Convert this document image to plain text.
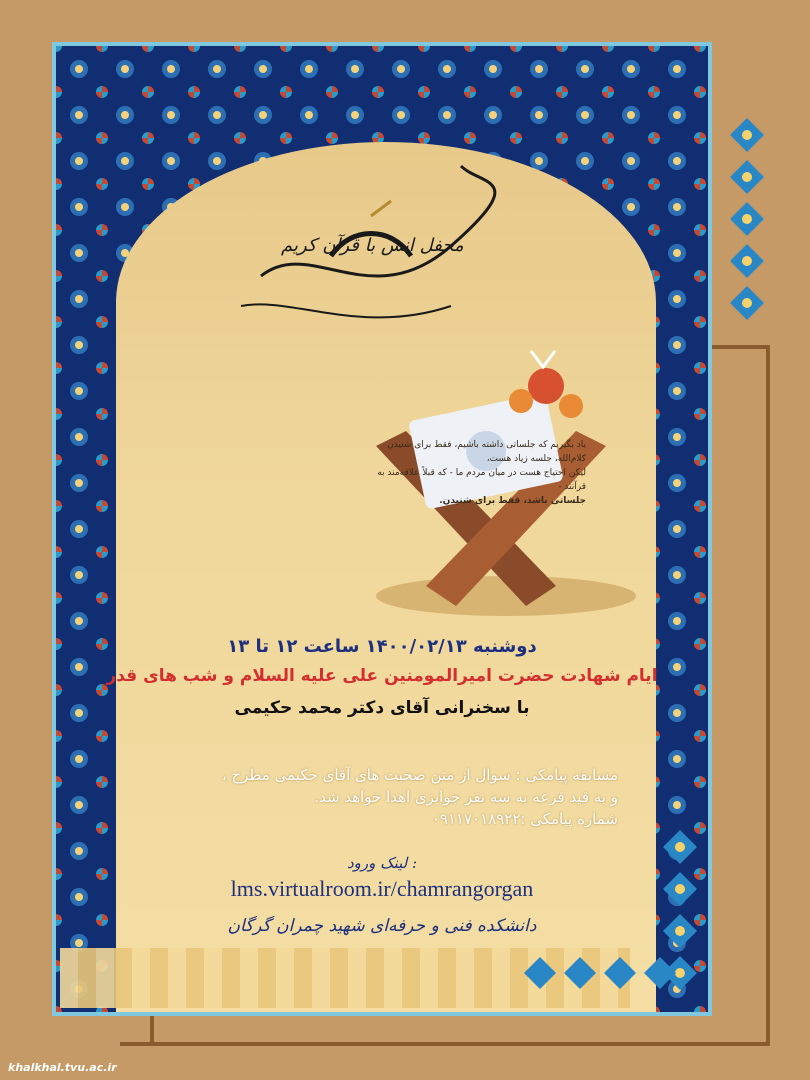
محفل انس با قرآن کریم
یاد بگیریم که جلساتی داشته باشیم، فقط برای شنیدن کلام‌الله، جلسه زیاد هست،
لیکن احتیاج هست در میان مردم ما - که قبلاً علاقه‌مند به قرآنند -
جلساتی باشد، فقط برای شنیدن.
دوشنبه ۱۴۰۰/۰۲/۱۳ ساعت ۱۲ تا ۱۳
ایام شهادت حضرت امیرالمومنین علی علیه السلام و شب های قدر
با سخنرانی آقای دکتر محمد حکیمی
مسابقه پیامکی : سوال از متن صحبت های آقای حکیمی مطرح ،
و به قید قرعه به سه نفر جوایزی اهدا خواهد شد.
شماره پیامکی :۰۹۱۱۷۰۱۸۹۲۲
لینک ورود :
lms.virtualroom.ir/chamrangorgan
دانشکده فنی و حرفه‌ای شهید چمران گرگان
khalkhal.tvu.ac.ir
